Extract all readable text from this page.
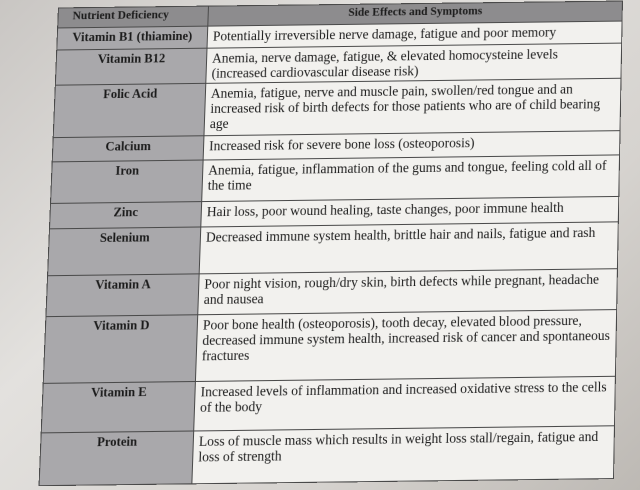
Nutrient Deficiency	Side Effects and Symptoms
Vitamin B1 (thiamine)	Potentially irreversible nerve damage, fatigue and poor memory
Vitamin B12	Anemia, nerve damage, fatigue, & elevated homocysteine levels (increased cardiovascular disease risk)
Folic Acid	Anemia, fatigue, nerve and muscle pain, swollen/red tongue and an increased risk of birth defects for those patients who are of child bearing age
Calcium	Increased risk for severe bone loss (osteoporosis)
Iron	Anemia, fatigue, inflammation of the gums and tongue, feeling cold all of the time
Zinc	Hair loss, poor wound healing, taste changes, poor immune health
Selenium	Decreased immune system health, brittle hair and nails, fatigue and rash
Vitamin A	Poor night vision, rough/dry skin, birth defects while pregnant, headache and nausea
Vitamin D	Poor bone health (osteoporosis), tooth decay, elevated blood pressure, decreased immune system health, increased risk of cancer and spontaneous fractures
Vitamin E	Increased levels of inflammation and increased oxidative stress to the cells of the body
Protein	Loss of muscle mass which results in weight loss stall/regain, fatigue and loss of strength
